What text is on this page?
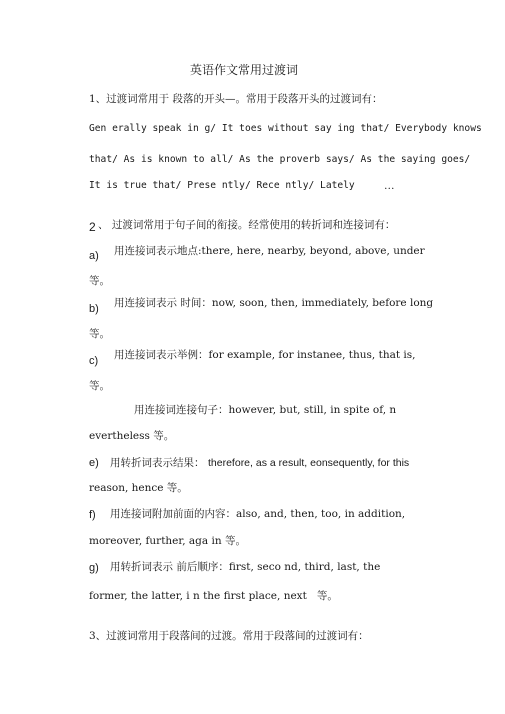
英语作文常用过渡词
1、过渡词常用于 段落的开头—。常用于段落开头的过渡词有：
Gen erally speak in g/ It toes without say ing that/ Everybody knows
that/ As is known to all/ As the proverb says/ As the saying goes/
It is true that/ Prese ntly/ Rece ntly/ Lately	…
2 、 过渡词常用于句子间的衔接。经常使用的转折词和连接词有：
a) 用连接词表示地点:there, here, nearby, beyond, above, under
等。
b) 用连接词表示 时间：now, soon, then, immediately, before long
等。
c) 用连接词表示举例：for example, for instanee, thus, that is,
等。
用连接词连接句子：however, but, still, in spite of, n
evertheless 等。
e) 用转折词表示结果： therefore, as a result, eonsequently, for this
reason, hence 等。
f) 用连接词附加前面的内容：also, and, then, too, in addition,
moreover, further, aga in 等。
g) 用转折词表示 前后顺序：first, seco nd, third, last, the
former, the latter, i n the first place, next   等。
3、过渡词常用于段落间的过渡。常用于段落间的过渡词有：
